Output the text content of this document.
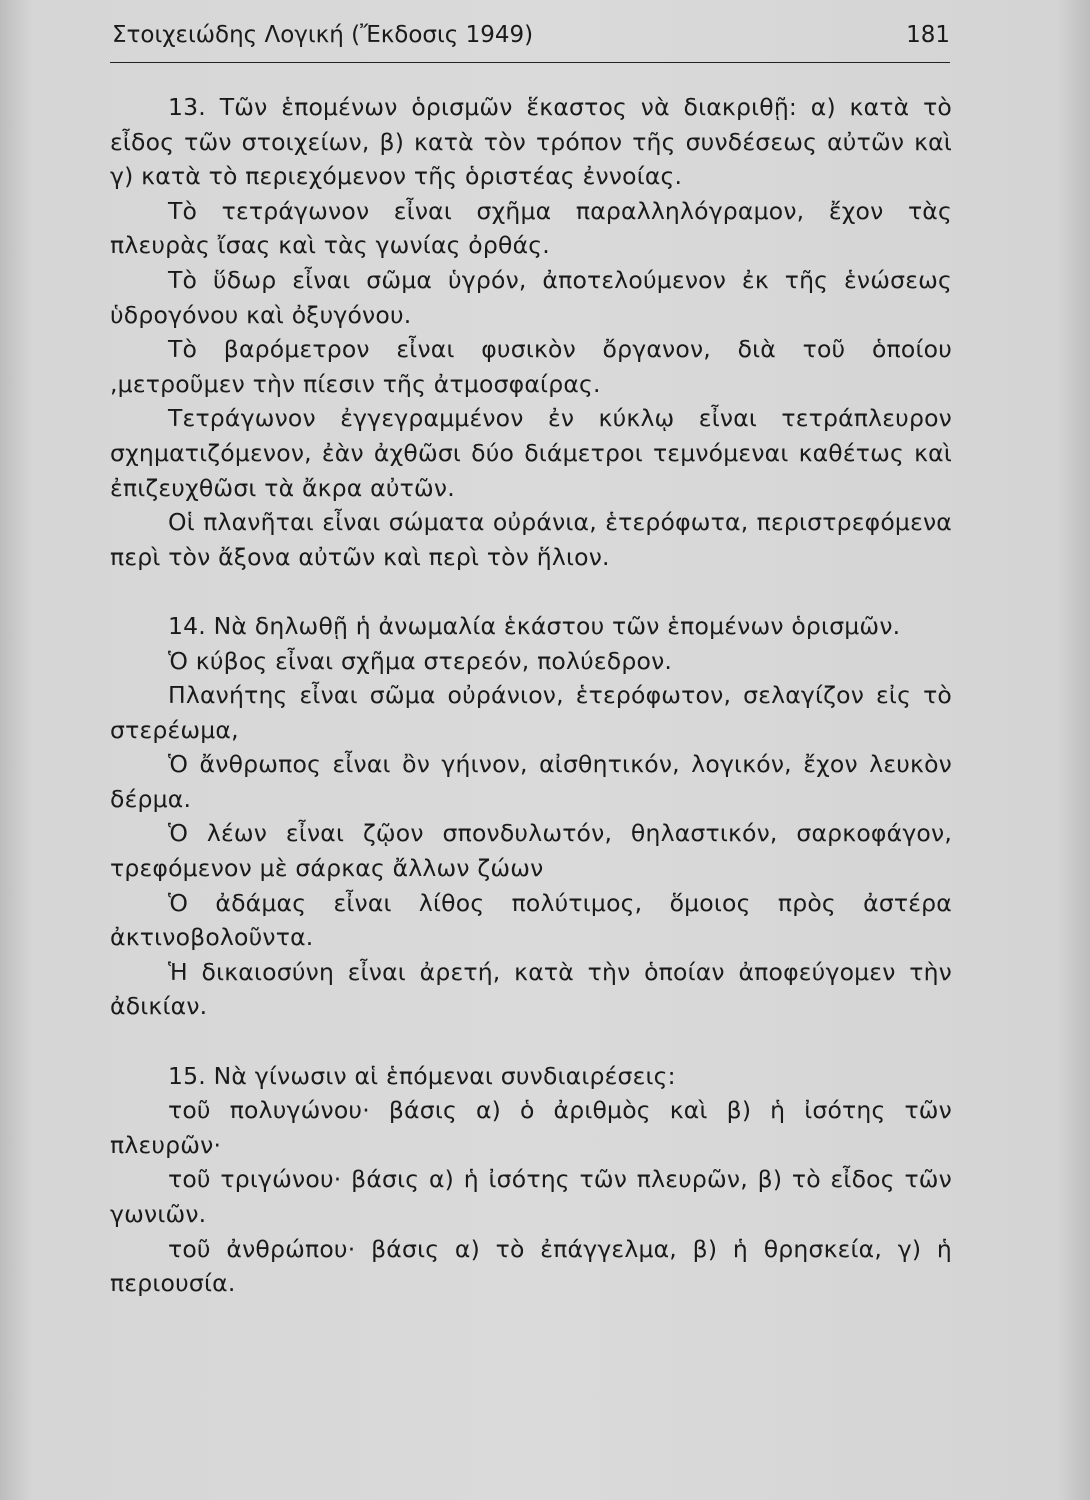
Στοιχειώδης Λογική (Ἔκδοσις 1949)	181

13. Τῶν ἑπομένων ὁρισμῶν ἕκαστος νὰ διακριθῇ: α) κατὰ τὸ εἶδος τῶν στοιχείων, β) κατὰ τὸν τρόπον τῆς συνδέσεως αὐτῶν καὶ γ) κατὰ τὸ περιεχόμενον τῆς ὁριστέας ἐννοίας.

Τὸ τετράγωνον εἶναι σχῆμα παραλληλόγραμον, ἔχον τὰς πλευρὰς ἴσας καὶ τὰς γωνίας ὀρθάς.

Τὸ ὕδωρ εἶναι σῶμα ὑγρόν, ἀποτελούμενον ἐκ τῆς ἑνώσεως ὑδρογόνου καὶ ὀξυγόνου.

Τὸ βαρόμετρον εἶναι φυσικὸν ὄργανον, διὰ τοῦ ὁποίου ,μετροῦμεν τὴν πίεσιν τῆς ἀτμοσφαίρας.

Τετράγωνον ἐγγεγραμμένον ἐν κύκλῳ εἶναι τετράπλευρον σχηματιζόμενον, ἐὰν ἀχθῶσι δύο διάμετροι τεμνόμεναι καθέτως καὶ ἐπιζευχθῶσι τὰ ἄκρα αὐτῶν.

Οἱ πλανῆται εἶναι σώματα οὐράνια, ἑτερόφωτα, περιστρεφόμενα περὶ τὸν ἄξονα αὐτῶν καὶ περὶ τὸν ἥλιον.

14. Νὰ δηλωθῇ ἡ ἀνωμαλία ἑκάστου τῶν ἑπομένων ὁρισμῶν.

Ὁ κύβος εἶναι σχῆμα στερεόν, πολύεδρον.

Πλανήτης εἶναι σῶμα οὐράνιον, ἑτερόφωτον, σελαγίζον εἰς τὸ στερέωμα,

Ὁ ἄνθρωπος εἶναι ὂν γήινον, αἰσθητικόν, λογικόν, ἔχον λευκὸν δέρμα.

Ὁ λέων εἶναι ζῷον σπονδυλωτόν, θηλαστικόν, σαρκοφάγον, τρεφόμενον μὲ σάρκας ἄλλων ζώων

Ὁ ἀδάμας εἶναι λίθος πολύτιμος, ὅμοιος πρὸς ἀστέρα ἀκτινοβολοῦντα.

Ἡ δικαιοσύνη εἶναι ἀρετή, κατὰ τὴν ὁποίαν ἀποφεύγομεν τὴν ἀδικίαν.

15. Νὰ γίνωσιν αἱ ἑπόμεναι συνδιαιρέσεις:

τοῦ πολυγώνου· βάσις α) ὁ ἀριθμὸς καὶ β) ἡ ἰσότης τῶν πλευρῶν·

τοῦ τριγώνου· βάσις α) ἡ ἰσότης τῶν πλευρῶν, β) τὸ εἶδος τῶν γωνιῶν.

τοῦ ἀνθρώπου· βάσις α) τὸ ἐπάγγελμα, β) ἡ θρησκεία, γ) ἡ περιουσία.
